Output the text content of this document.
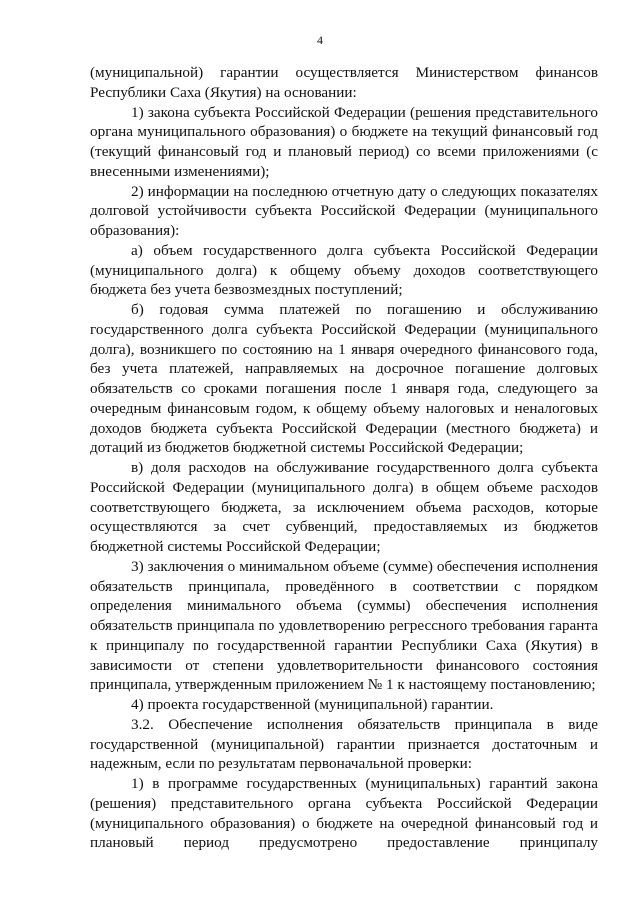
4

(муниципальной) гарантии осуществляется Министерством финансов Республики Саха (Якутия) на основании:

1) закона субъекта Российской Федерации (решения представительного органа муниципального образования) о бюджете на текущий финансовый год (текущий финансовый год и плановый период) со всеми приложениями (с внесенными изменениями);

2) информации на последнюю отчетную дату о следующих показателях долговой устойчивости субъекта Российской Федерации (муниципального образования):

а) объем государственного долга субъекта Российской Федерации (муниципального долга) к общему объему доходов соответствующего бюджета без учета безвозмездных поступлений;

б) годовая сумма платежей по погашению и обслуживанию государственного долга субъекта Российской Федерации (муниципального долга), возникшего по состоянию на 1 января очередного финансового года, без учета платежей, направляемых на досрочное погашение долговых обязательств со сроками погашения после 1 января года, следующего за очередным финансовым годом, к общему объему налоговых и неналоговых доходов бюджета субъекта Российской Федерации (местного бюджета) и дотаций из бюджетов бюджетной системы Российской Федерации;

в) доля расходов на обслуживание государственного долга субъекта Российской Федерации (муниципального долга) в общем объеме расходов соответствующего бюджета, за исключением объема расходов, которые осуществляются за счет субвенций, предоставляемых из бюджетов бюджетной системы Российской Федерации;

3) заключения о минимальном объеме (сумме) обеспечения исполнения обязательств принципала, проведённого в соответствии с порядком определения минимального объема (суммы) обеспечения исполнения обязательств принципала по удовлетворению регрессного требования гаранта к принципалу по государственной гарантии Республики Саха (Якутия) в зависимости от степени удовлетворительности финансового состояния принципала, утвержденным приложением № 1 к настоящему постановлению;

4) проекта государственной (муниципальной) гарантии.

3.2. Обеспечение исполнения обязательств принципала в виде государственной (муниципальной) гарантии признается достаточным и надежным, если по результатам первоначальной проверки:

1) в программе государственных (муниципальных) гарантий закона (решения) представительного органа субъекта Российской Федерации (муниципального образования) о бюджете на очередной финансовый год и плановый период предусмотрено предоставление принципалу
